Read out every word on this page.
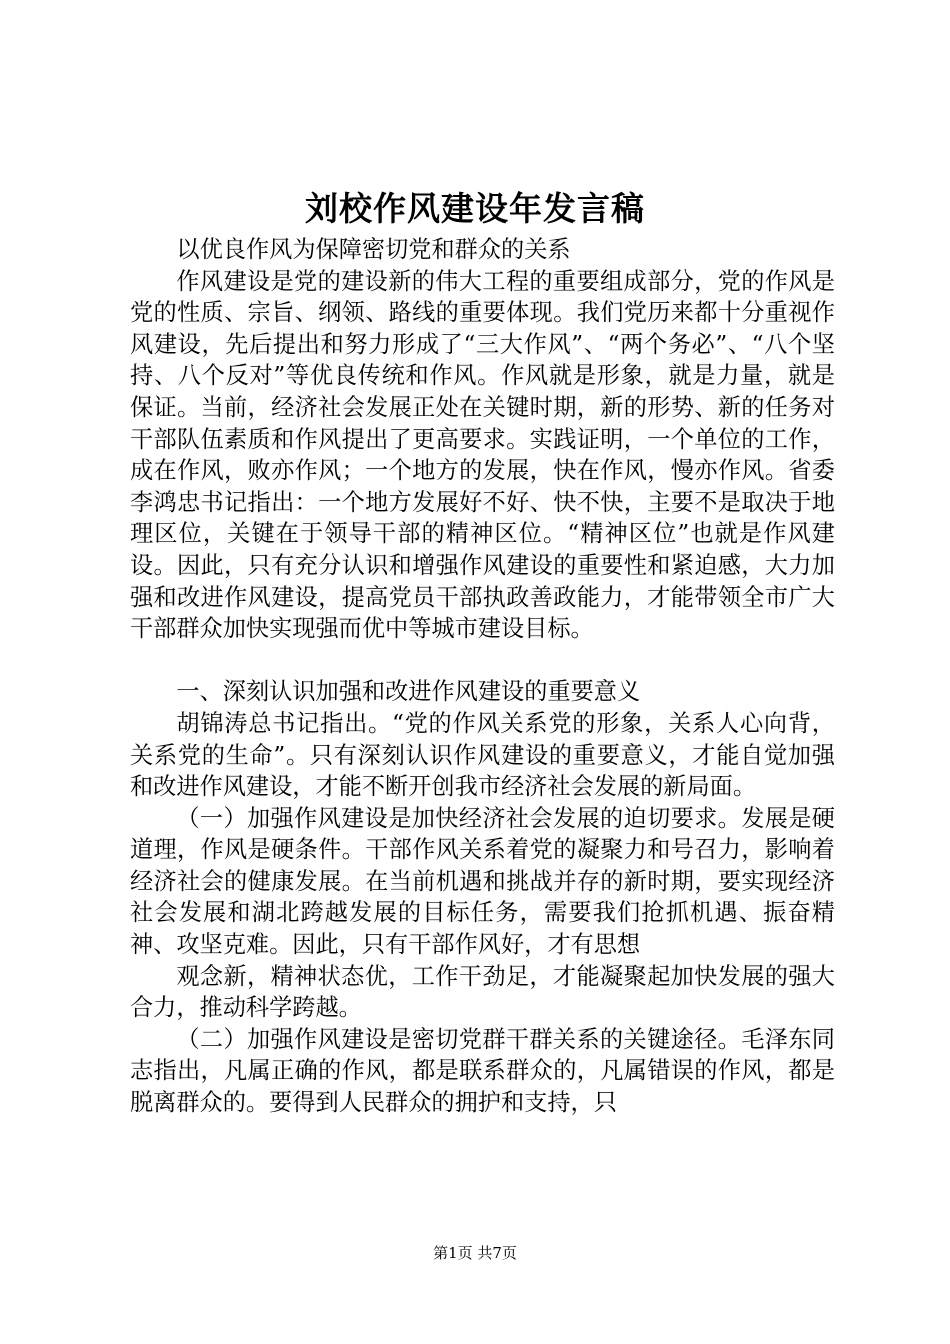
刘校作风建设年发言稿

以优良作风为保障密切党和群众的关系

作风建设是党的建设新的伟大工程的重要组成部分，党的作风是党的性质、宗旨、纲领、路线的重要体现。我们党历来都十分重视作风建设，先后提出和努力形成了“三大作风”、“两个务必”、“八个坚持、八个反对”等优良传统和作风。作风就是形象，就是力量，就是保证。当前，经济社会发展正处在关键时期，新的形势、新的任务对干部队伍素质和作风提出了更高要求。实践证明，一个单位的工作，成在作风，败亦作风；一个地方的发展，快在作风，慢亦作风。省委李鸿忠书记指出：一个地方发展好不好、快不快，主要不是取决于地理区位，关键在于领导干部的精神区位。“精神区位”也就是作风建设。因此，只有充分认识和增强作风建设的重要性和紧迫感，大力加强和改进作风建设，提高党员干部执政善政能力，才能带领全市广大干部群众加快实现强而优中等城市建设目标。

一、深刻认识加强和改进作风建设的重要意义

胡锦涛总书记指出。“党的作风关系党的形象，关系人心向背，关系党的生命”。只有深刻认识作风建设的重要意义，才能自觉加强和改进作风建设，才能不断开创我市经济社会发展的新局面。

（一）加强作风建设是加快经济社会发展的迫切要求。发展是硬道理，作风是硬条件。干部作风关系着党的凝聚力和号召力，影响着经济社会的健康发展。在当前机遇和挑战并存的新时期，要实现经济社会发展和湖北跨越发展的目标任务，需要我们抢抓机遇、振奋精神、攻坚克难。因此，只有干部作风好，才有思想

观念新，精神状态优，工作干劲足，才能凝聚起加快发展的强大合力，推动科学跨越。

（二）加强作风建设是密切党群干群关系的关键途径。毛泽东同志指出，凡属正确的作风，都是联系群众的，凡属错误的作风，都是脱离群众的。要得到人民群众的拥护和支持，只

第1页 共7页
